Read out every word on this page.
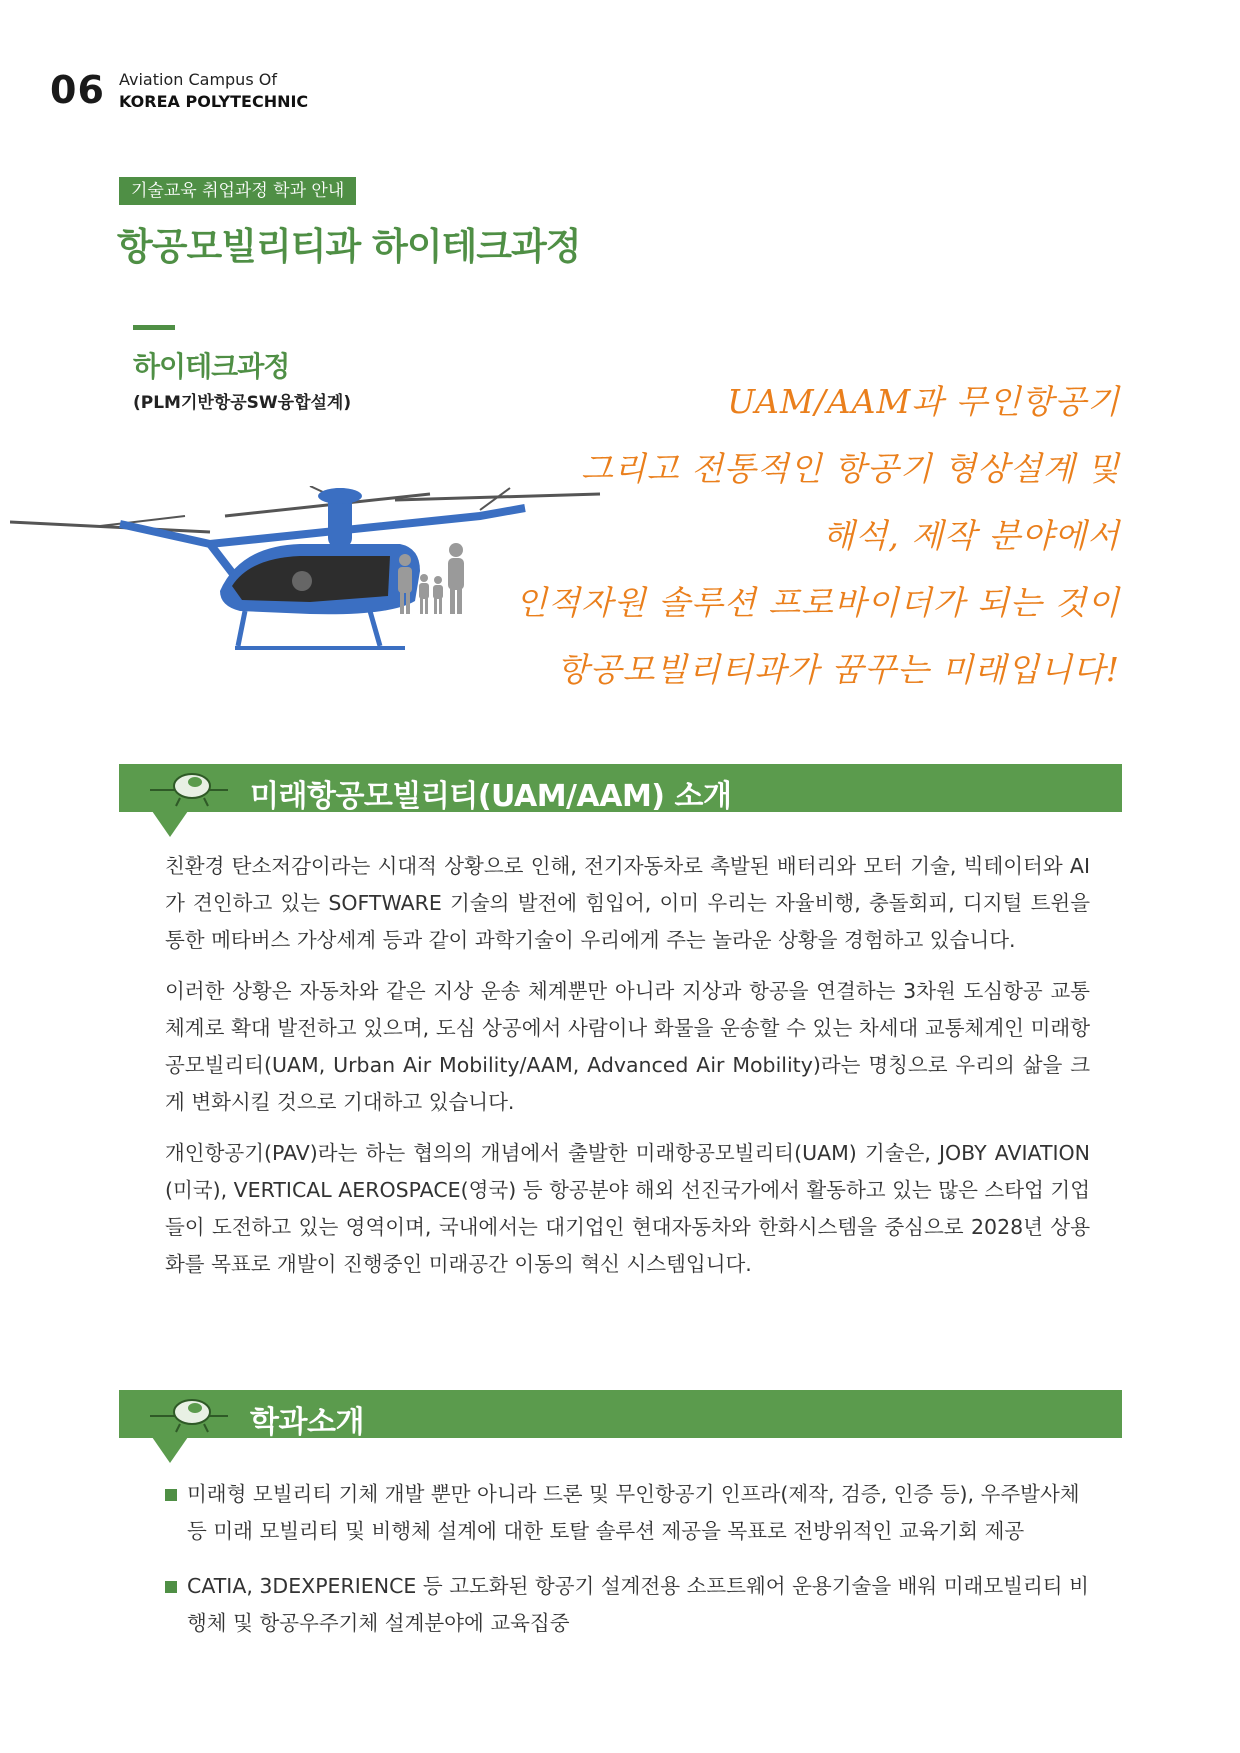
06 Aviation Campus Of
KOREA POLYTECHNIC
기술교육 취업과정 학과 안내
항공모빌리티과 하이테크과정
하이테크과정
(PLM기반항공SW융합설계)	UAM/AAM과 무인항공기
그리고 전통적인 항공기 형상설계 및
해석, 제작 분야에서
인적자원 솔루션 프로바이더가 되는 것이
항공모빌리티과가 꿈꾸는 미래입니다!
미래항공모빌리티(UAM/AAM) 소개

친환경 탄소저감이라는 시대적 상황으로 인해, 전기자동차로 촉발된 배터리와 모터 기술, 빅테이터와 AI가 견인하고 있는 SOFTWARE 기술의 발전에 힘입어, 이미 우리는 자율비행, 충돌회피, 디지털 트윈을 통한 메타버스 가상세계 등과 같이 과학기술이 우리에게 주는 놀라운 상황을 경험하고 있습니다.

이러한 상황은 자동차와 같은 지상 운송 체계뿐만 아니라 지상과 항공을 연결하는 3차원 도심항공 교통 체계로 확대 발전하고 있으며, 도심 상공에서 사람이나 화물을 운송할 수 있는 차세대 교통체계인 미래항공모빌리티(UAM, Urban Air Mobility/AAM, Advanced Air Mobility)라는 명칭으로 우리의 삶을 크게 변화시킬 것으로 기대하고 있습니다.

개인항공기(PAV)라는 하는 협의의 개념에서 출발한 미래항공모빌리티(UAM) 기술은, JOBY AVIATION (미국), VERTICAL AEROSPACE(영국) 등 항공분야 해외 선진국가에서 활동하고 있는 많은 스타업 기업들이 도전하고 있는 영역이며, 국내에서는 대기업인 현대자동차와 한화시스템을 중심으로 2028년 상용화를 목표로 개발이 진행중인 미래공간 이동의 혁신 시스템입니다.

학과소개
미래형 모빌리티 기체 개발 뿐만 아니라 드론 및 무인항공기 인프라(제작, 검증, 인증 등), 우주발사체 등 미래 모빌리티 및 비행체 설계에 대한 토탈 솔루션 제공을 목표로 전방위적인 교육기회 제공
CATIA, 3DEXPERIENCE 등 고도화된 항공기 설계전용 소프트웨어 운용기술을 배워 미래모빌리티 비행체 및 항공우주기체 설계분야에 교육집중
